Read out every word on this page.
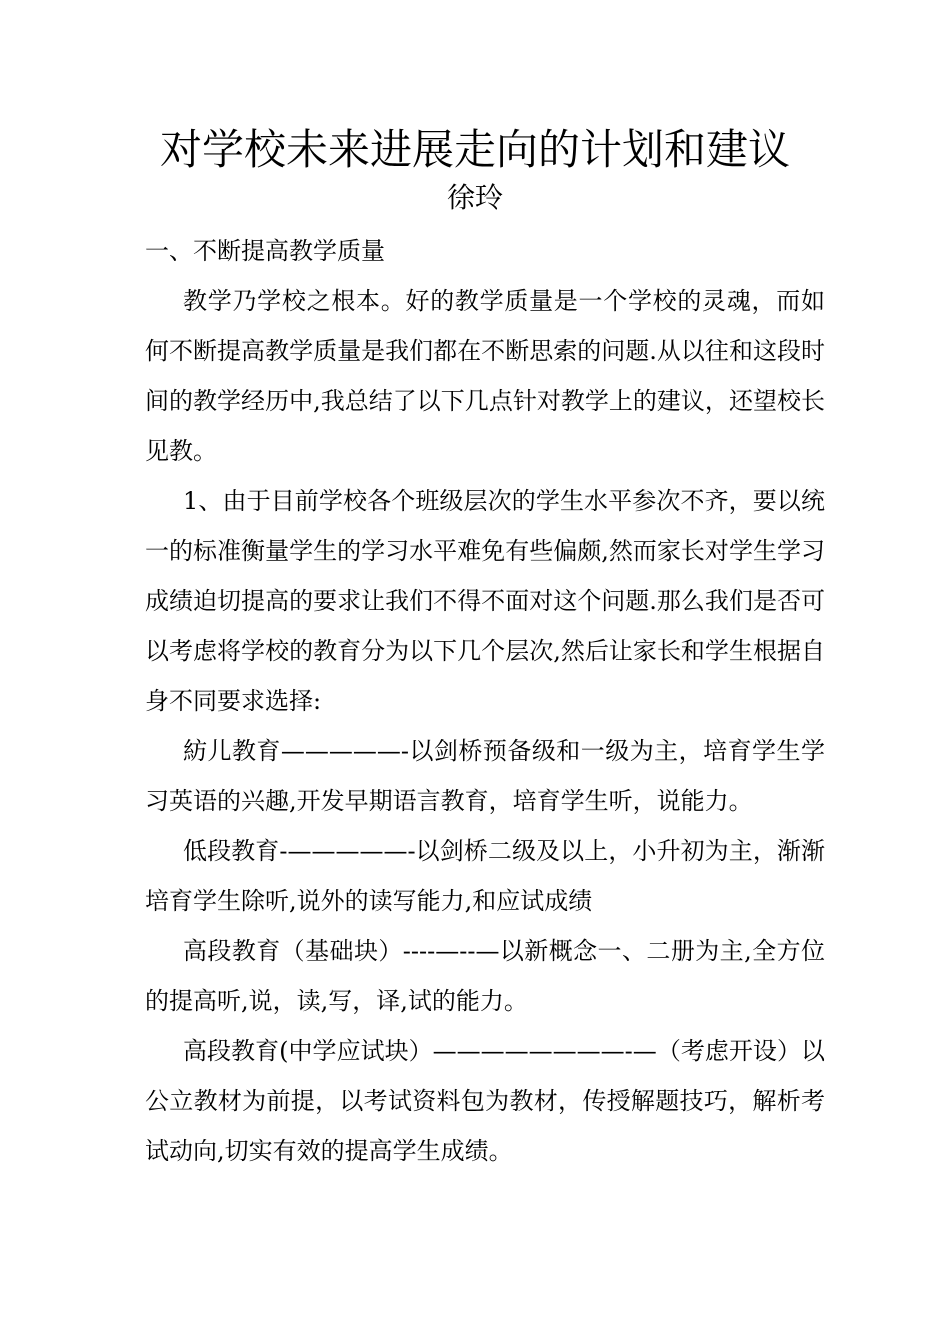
对学校未来进展走向的计划和建议
徐玲

一、不断提高教学质量

教学乃学校之根本。好的教学质量是一个学校的灵魂，而如何不断提高教学质量是我们都在不断思索的问题.从以往和这段时间的教学经历中,我总结了以下几点针对教学上的建议，还望校长见教。

1、由于目前学校各个班级层次的学生水平参次不齐，要以统一的标准衡量学生的学习水平难免有些偏颇,然而家长对学生学习成绩迫切提高的要求让我们不得不面对这个问题.那么我们是否可以考虑将学校的教育分为以下几个层次,然后让家长和学生根据自身不同要求选择:

紡儿教育—————-以剑桥预备级和一级为主，培育学生学习英语的兴趣,开发早期语言教育，培育学生听，说能力。

低段教育-—————-以剑桥二级及以上，小升初为主，渐渐培育学生除听,说外的读写能力,和应试成绩

高段教育（基础块）----—--—以新概念一、二册为主,全方位的提高听,说，读,写，译,试的能力。

高段教育(中学应试块）————————-—（考虑开设）以公立教材为前提，以考试资料包为教材，传授解题技巧，解析考试动向,切实有效的提高学生成绩。
